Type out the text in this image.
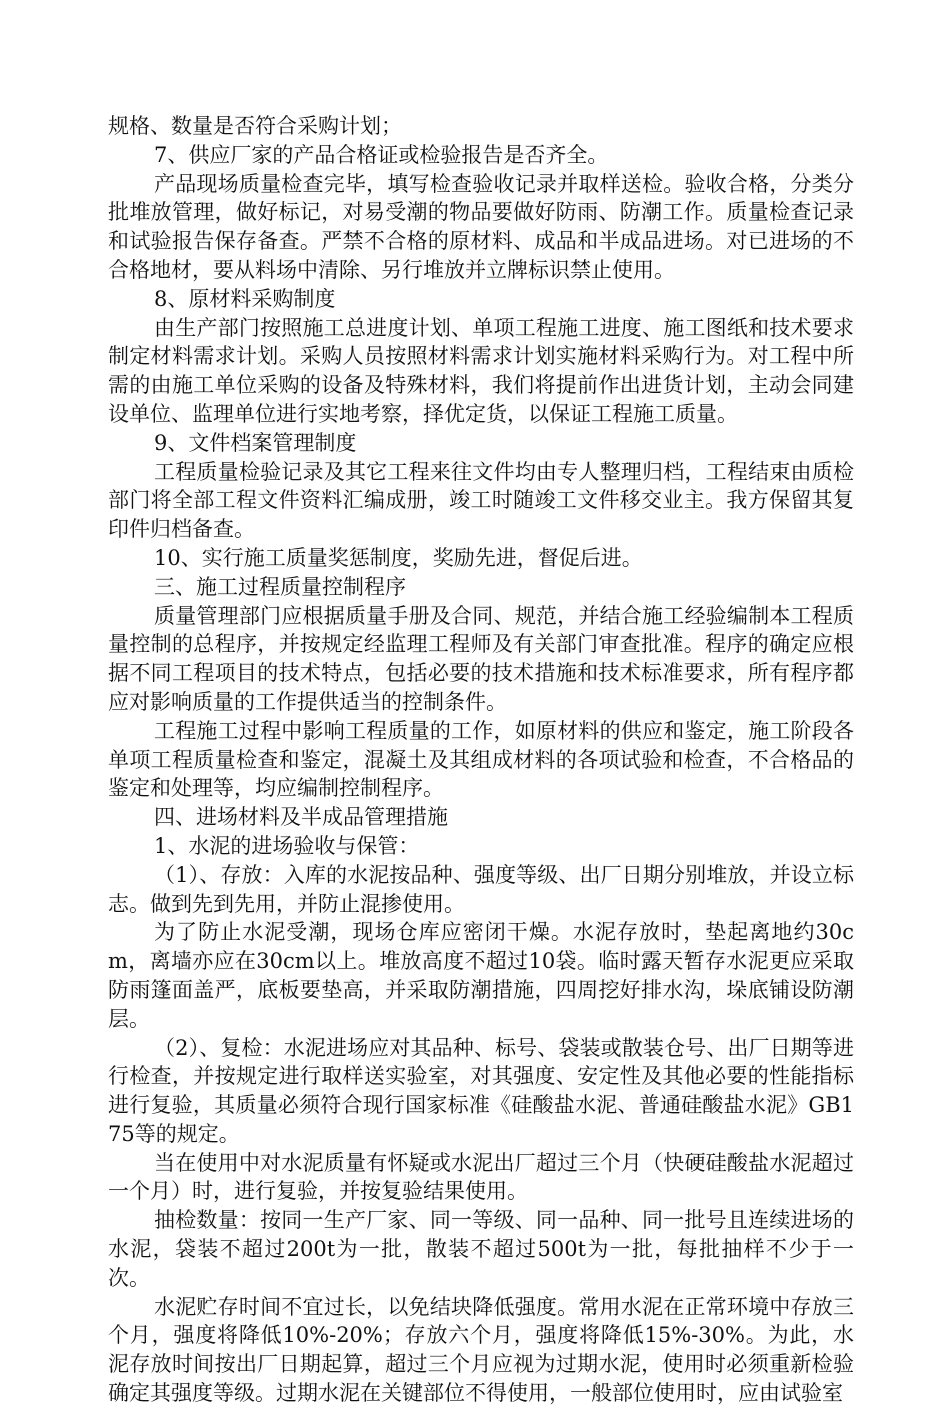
规格、数量是否符合采购计划；

7、供应厂家的产品合格证或检验报告是否齐全。

产品现场质量检查完毕，填写检查验收记录并取样送检。验收合格，分类分批堆放管理，做好标记，对易受潮的物品要做好防雨、防潮工作。质量检查记录和试验报告保存备查。严禁不合格的原材料、成品和半成品进场。对已进场的不合格地材，要从料场中清除、另行堆放并立牌标识禁止使用。

8、原材料采购制度

由生产部门按照施工总进度计划、单项工程施工进度、施工图纸和技术要求制定材料需求计划。采购人员按照材料需求计划实施材料采购行为。对工程中所需的由施工单位采购的设备及特殊材料，我们将提前作出进货计划，主动会同建设单位、监理单位进行实地考察，择优定货，以保证工程施工质量。

9、文件档案管理制度

工程质量检验记录及其它工程来往文件均由专人整理归档，工程结束由质检部门将全部工程文件资料汇编成册，竣工时随竣工文件移交业主。我方保留其复印件归档备查。

10、实行施工质量奖惩制度，奖励先进，督促后进。

三、施工过程质量控制程序

质量管理部门应根据质量手册及合同、规范，并结合施工经验编制本工程质量控制的总程序，并按规定经监理工程师及有关部门审查批准。程序的确定应根据不同工程项目的技术特点，包括必要的技术措施和技术标准要求，所有程序都应对影响质量的工作提供适当的控制条件。

工程施工过程中影响工程质量的工作，如原材料的供应和鉴定，施工阶段各单项工程质量检查和鉴定，混凝土及其组成材料的各项试验和检查，不合格品的鉴定和处理等，均应编制控制程序。

四、进场材料及半成品管理措施

1、水泥的进场验收与保管：

（1）、存放：入库的水泥按品种、强度等级、出厂日期分别堆放，并设立标志。做到先到先用，并防止混掺使用。

为了防止水泥受潮，现场仓库应密闭干燥。水泥存放时，垫起离地约30cm，离墙亦应在30cm以上。堆放高度不超过10袋。临时露天暂存水泥更应采取防雨篷面盖严，底板要垫高，并采取防潮措施，四周挖好排水沟，垛底铺设防潮层。

（2）、复检：水泥进场应对其品种、标号、袋装或散装仓号、出厂日期等进行检查，并按规定进行取样送实验室，对其强度、安定性及其他必要的性能指标进行复验，其质量必须符合现行国家标准《硅酸盐水泥、普通硅酸盐水泥》GB175等的规定。

当在使用中对水泥质量有怀疑或水泥出厂超过三个月（快硬硅酸盐水泥超过一个月）时，进行复验，并按复验结果使用。

抽检数量：按同一生产厂家、同一等级、同一品种、同一批号且连续进场的水泥，袋装不超过200t为一批，散装不超过500t为一批，每批抽样不少于一次。

水泥贮存时间不宜过长，以免结块降低强度。常用水泥在正常环境中存放三个月，强度将降低10%-20%；存放六个月，强度将降低15%-30%。为此，水泥存放时间按出厂日期起算，超过三个月应视为过期水泥，使用时必须重新检验确定其强度等级。过期水泥在关键部位不得使用，一般部位使用时，应由试验室
